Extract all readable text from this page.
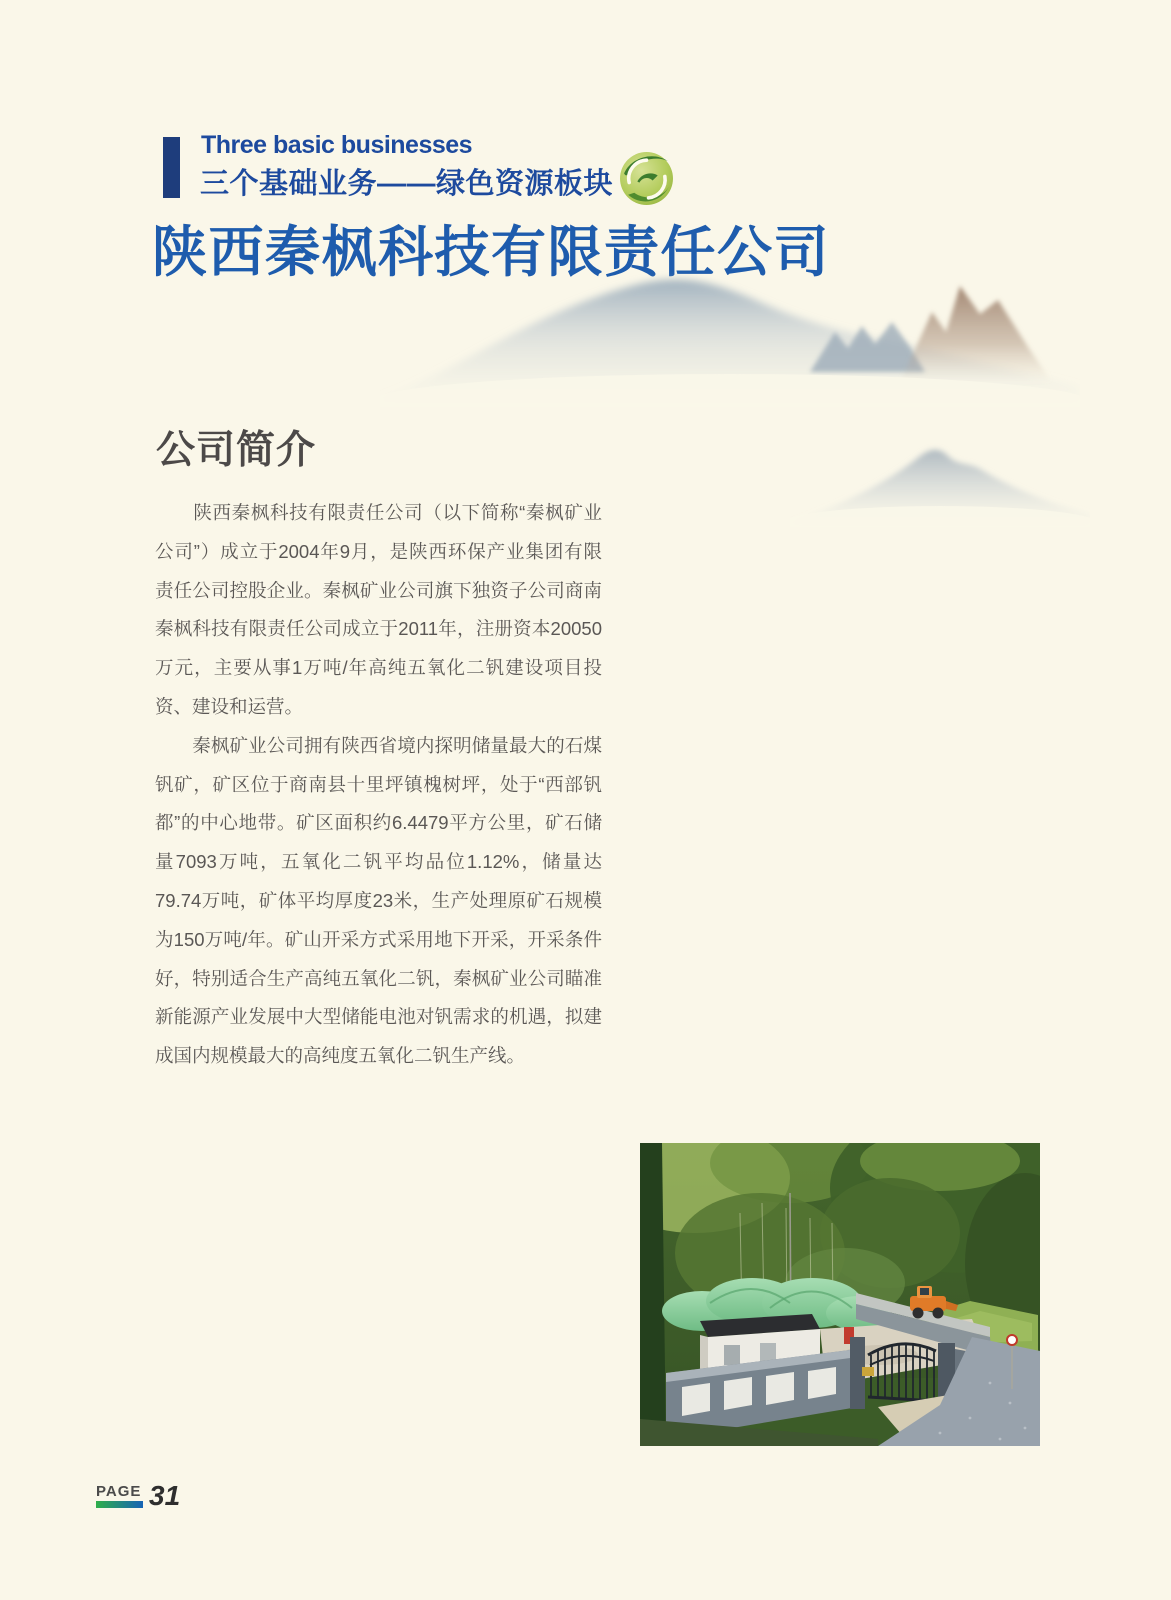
Three basic businesses
三个基础业务——绿色资源板块
陕西秦枫科技有限责任公司
公司简介
　　陕西秦枫科技有限责任公司（以下简称“秦枫矿业
公司”）成立于2004年9月，是陕西环保产业集团有限
责任公司控股企业。秦枫矿业公司旗下独资子公司商南
秦枫科技有限责任公司成立于2011年，注册资本20050
万元，主要从事1万吨/年高纯五氧化二钒建设项目投
资、建设和运营。
　　秦枫矿业公司拥有陕西省境内探明储量最大的石煤
钒矿，矿区位于商南县十里坪镇槐树坪，处于“西部钒
都”的中心地带。矿区面积约6.4479平方公里，矿石储
量7093万吨，五氧化二钒平均品位1.12%，储量达
79.74万吨，矿体平均厚度23米，生产处理原矿石规模
为150万吨/年。矿山开采方式采用地下开采，开采条件
好，特别适合生产高纯五氧化二钒，秦枫矿业公司瞄准
新能源产业发展中大型储能电池对钒需求的机遇，拟建
成国内规模最大的高纯度五氧化二钒生产线。
PAGE 31
